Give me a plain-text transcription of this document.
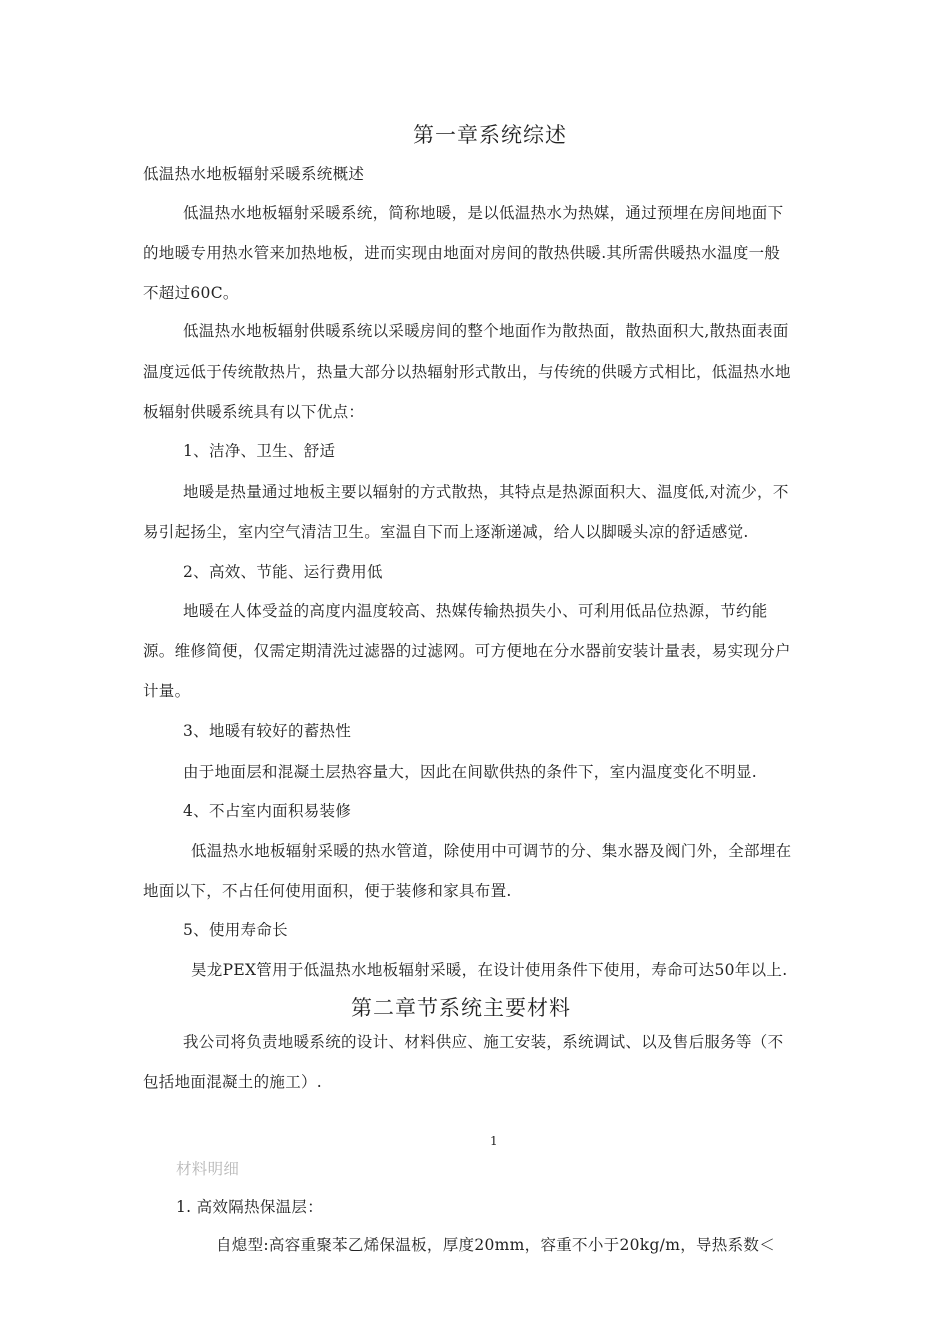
第一章系统综述
低温热水地板辐射采暖系统概述
低温热水地板辐射采暖系统，简称地暖，是以低温热水为热媒，通过预埋在房间地面下
的地暖专用热水管来加热地板，进而实现由地面对房间的散热供暖.其所需供暖热水温度一般
不超过60C。
低温热水地板辐射供暖系统以采暖房间的整个地面作为散热面，散热面积大,散热面表面
温度远低于传统散热片，热量大部分以热辐射形式散出，与传统的供暖方式相比，低温热水地
板辐射供暖系统具有以下优点：
1、洁净、卫生、舒适
地暖是热量通过地板主要以辐射的方式散热，其特点是热源面积大、温度低,对流少，不
易引起扬尘，室内空气清洁卫生。室温自下而上逐渐递减，给人以脚暖头凉的舒适感觉.
2、高效、节能、运行费用低
地暖在人体受益的高度内温度较高、热媒传输热损失小、可利用低品位热源，节约能
源。维修简便，仅需定期清洗过滤器的过滤网。可方便地在分水器前安装计量表，易实现分户
计量。
3、地暖有较好的蓄热性
由于地面层和混凝土层热容量大，因此在间歇供热的条件下，室内温度变化不明显.
4、不占室内面积易装修
低温热水地板辐射采暖的热水管道，除使用中可调节的分、集水器及阀门外，全部埋在
地面以下，不占任何使用面积，便于装修和家具布置.
5、使用寿命长
昊龙PEX管用于低温热水地板辐射采暖，在设计使用条件下使用，寿命可达50年以上.
第二章节系统主要材料
我公司将负责地暖系统的设计、材料供应、施工安装，系统调试、以及售后服务等（不
包括地面混凝土的施工）.
1
材料明细
1. 高效隔热保温层：
自熄型:高容重聚苯乙烯保温板，厚度20mm，容重不小于20kg/m，导热系数＜
